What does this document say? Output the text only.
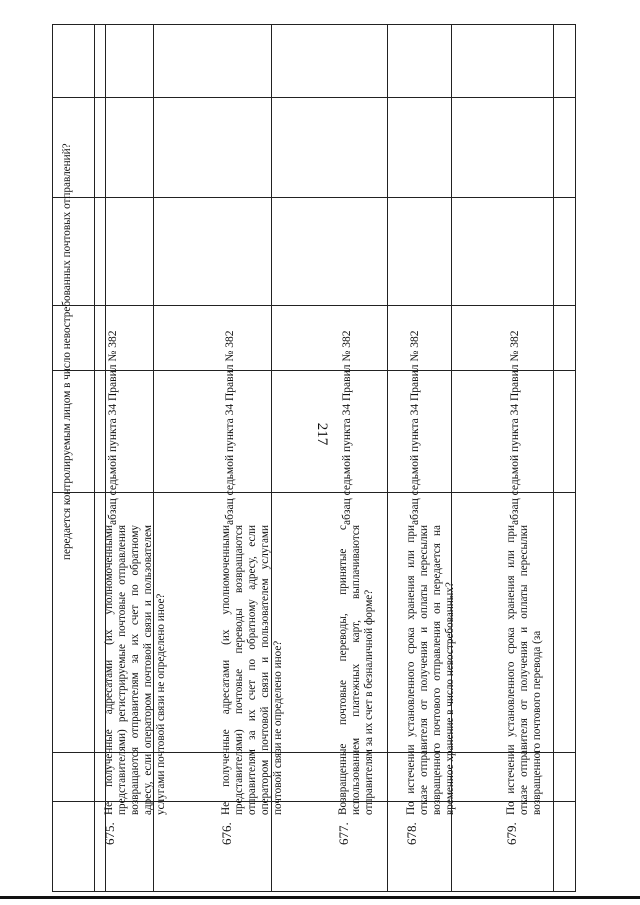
217

передается контролируемым лицом в число невостребованных почтовых отправлений?

675.

Не полученные адресатами (их уполномоченными представителями) регистрируемые почтовые отправления возвращаются отправителям за их счет по обратному адресу, если оператором почтовой связи и пользователем услугами почтовой связи не определено иное?

абзац седьмой пункта 34 Правил № 382
676.

Не полученные адресатами (их уполномоченными представителями) почтовые переводы возвращаются отправителям за их счет по обратному адресу, если оператором почтовой связи и пользователем услугами почтовой связи не определено иное?

абзац седьмой пункта 34 Правил № 382
677.

Возвращенные почтовые переводы, принятые с использованием платежных карт, выплачиваются отправителям за их счет в безналичной форме?

абзац седьмой пункта 34 Правил № 382
678.

По истечении установленного срока хранения или при отказе отправителя от получения и оплаты пересылки возвращенного почтового отправления он передается на временное хранение в число невостребованных?

абзац седьмой пункта 34 Правил № 382
679.

По истечении установленного срока хранения или при отказе отправителя от получения и оплаты пересылки возвращенного почтового перевода (за

абзац седьмой пункта 34 Правил № 382
